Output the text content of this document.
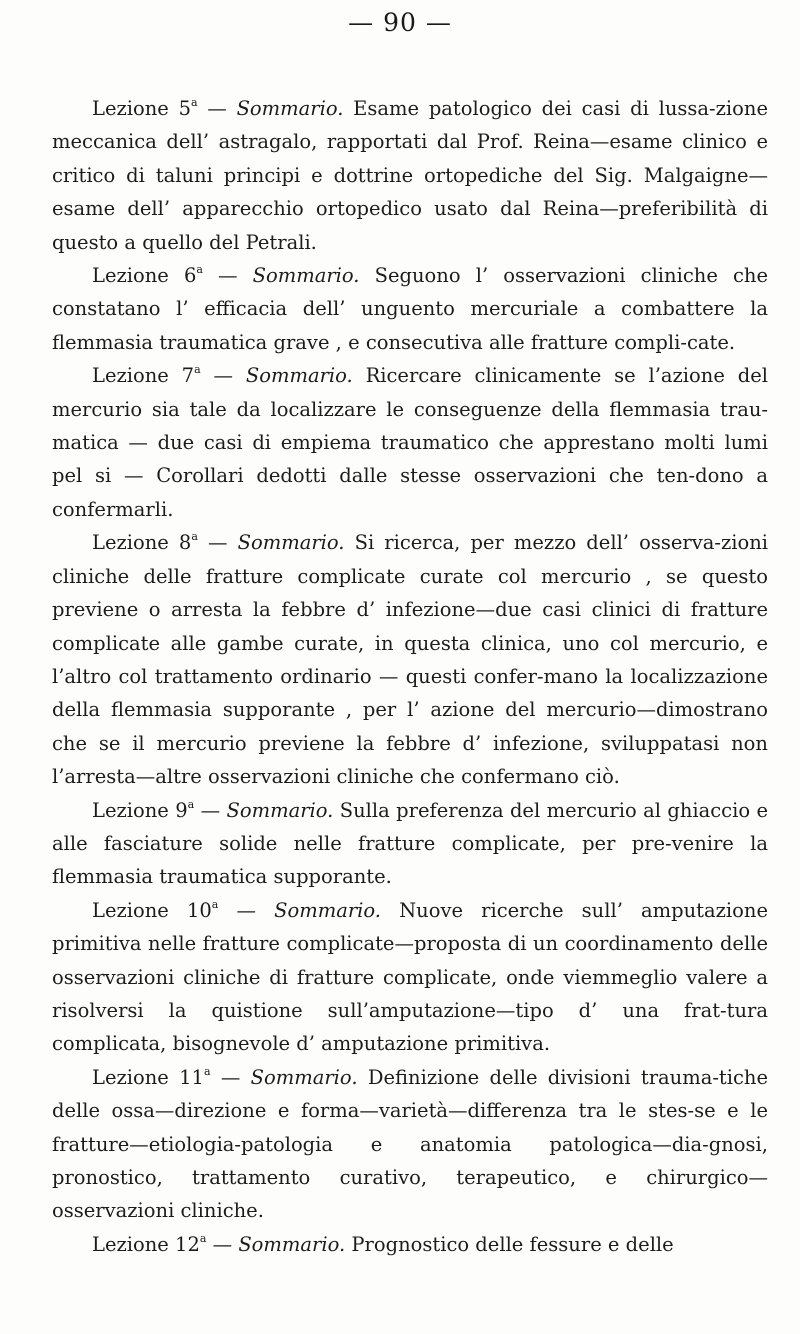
— 90 —

Lezione 5$^a$ — Sommario. Esame patologico dei casi di lussa-zione meccanica dell’ astragalo, rapportati dal Prof. Reina—esame clinico e critico di taluni principi e dottrine ortopediche del Sig. Malgaigne—esame dell’ apparecchio ortopedico usato dal Reina—preferibilità di questo a quello del Petrali.

Lezione 6$^a$ — Sommario. Seguono l’ osservazioni cliniche che constatano l’ efficacia dell’ unguento mercuriale a combattere la flemmasia traumatica grave , e consecutiva alle fratture compli-cate.

Lezione 7$^a$ — Sommario. Ricercare clinicamente se l’azione del mercurio sia tale da localizzare le conseguenze della flemmasia trau-matica — due casi di empiema traumatico che apprestano molti lumi pel si — Corollari dedotti dalle stesse osservazioni che ten-dono a confermarli.

Lezione 8$^a$ — Sommario. Si ricerca, per mezzo dell’ osserva-zioni cliniche delle fratture complicate curate col mercurio , se questo previene o arresta la febbre d’ infezione—due casi clinici di fratture complicate alle gambe curate, in questa clinica, uno col mercurio, e l’altro col trattamento ordinario — questi confer-mano la localizzazione della flemmasia supporante , per l’ azione del mercurio—dimostrano che se il mercurio previene la febbre d’ infezione, sviluppatasi non l’arresta—altre osservazioni cliniche che confermano ciò.

Lezione 9$^a$ — Sommario. Sulla preferenza del mercurio al ghiaccio e alle fasciature solide nelle fratture complicate, per pre-venire la flemmasia traumatica supporante.

Lezione 10$^a$ — Sommario. Nuove ricerche sull’ amputazione primitiva nelle fratture complicate—proposta di un coordinamento delle osservazioni cliniche di fratture complicate, onde viemmeglio valere a risolversi la quistione sull’amputazione—tipo d’ una frat-tura complicata, bisognevole d’ amputazione primitiva.

Lezione 11$^a$ — Sommario. Definizione delle divisioni trauma-tiche delle ossa—direzione e forma—varietà—differenza tra le stes-se e le fratture—etiologia-patologia e anatomia patologica—dia-gnosi, pronostico, trattamento curativo, terapeutico, e chirurgico—osservazioni cliniche.

Lezione 12$^a$ — Sommario. Prognostico delle fessure e delle
